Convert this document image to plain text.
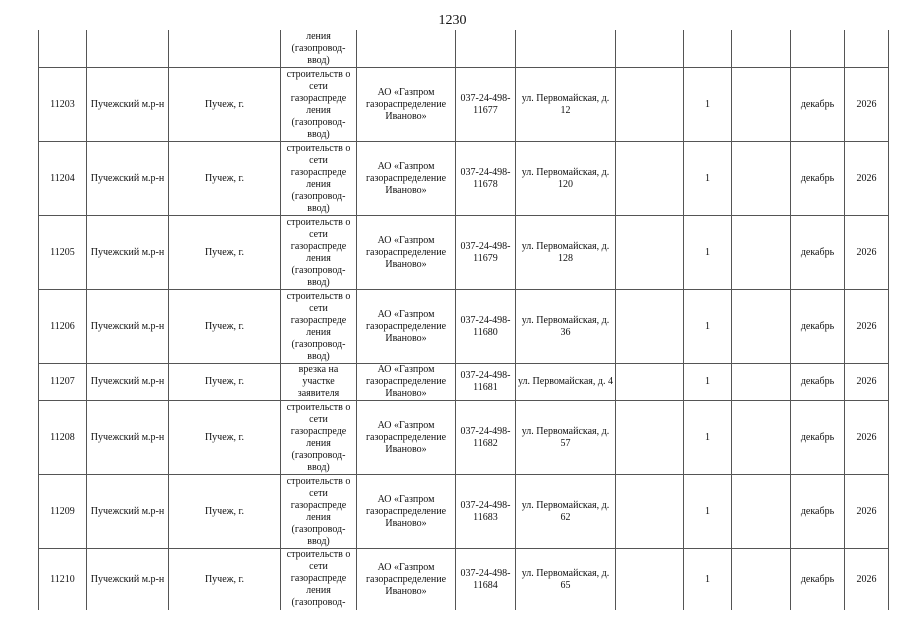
1230
			ления (газопровод- ввод)								
11203	Пучежский м.р-н	Пучеж, г.	строительств о сети газораспреде ления (газопровод- ввод)	АО «Газпром газораспределение Иваново»	037-24-498-11677	ул. Первомайская, д. 12		1		декабрь	2026
11204	Пучежский м.р-н	Пучеж, г.	строительств о сети газораспреде ления (газопровод- ввод)	АО «Газпром газораспределение Иваново»	037-24-498-11678	ул. Первомайская, д. 120		1		декабрь	2026
11205	Пучежский м.р-н	Пучеж, г.	строительств о сети газораспреде ления (газопровод- ввод)	АО «Газпром газораспределение Иваново»	037-24-498-11679	ул. Первомайская, д. 128		1		декабрь	2026
11206	Пучежский м.р-н	Пучеж, г.	строительств о сети газораспреде ления (газопровод- ввод)	АО «Газпром газораспределение Иваново»	037-24-498-11680	ул. Первомайская, д. 36		1		декабрь	2026
11207	Пучежский м.р-н	Пучеж, г.	врезка на участке заявителя	АО «Газпром газораспределение Иваново»	037-24-498-11681	ул. Первомайская, д. 4		1		декабрь	2026
11208	Пучежский м.р-н	Пучеж, г.	строительств о сети газораспреде ления (газопровод- ввод)	АО «Газпром газораспределение Иваново»	037-24-498-11682	ул. Первомайская, д. 57		1		декабрь	2026
11209	Пучежский м.р-н	Пучеж, г.	строительств о сети газораспреде ления (газопровод- ввод)	АО «Газпром газораспределение Иваново»	037-24-498-11683	ул. Первомайская, д. 62		1		декабрь	2026
11210	Пучежский м.р-н	Пучеж, г.	строительств о сети газораспреде ления (газопровод-	АО «Газпром газораспределение Иваново»	037-24-498-11684	ул. Первомайская, д. 65		1		декабрь	2026
